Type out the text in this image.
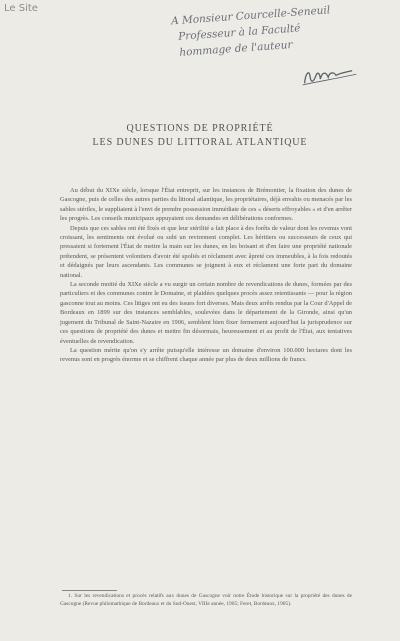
Le Site	A Monsieur Courcelle-Seneuil
Professeur à la Faculté
hommage de l'auteur
QUESTIONS DE PROPRIÉTÉ
LES DUNES DU LITTORAL ATLANTIQUE

Au début du XIXe siècle, lorsque l'État entreprit, sur les instances de Brémontier, la fixation des dunes de Gascogne, puis de celles des autres parties du littoral atlantique, les propriétaires, déjà envahis ou menacés par les sables stériles, le suppliaient à l'envi de prendre possession immédiate de ces « déserts effroyables » et d'en arrêter les progrès. Les conseils municipaux appuyaient ces demandes en délibérations conformes.

Depuis que ces sables ont été fixés et que leur stérilité a fait place à des forêts de valeur dont les revenus vont croissant, les sentiments ont évolué ou subi un revirement complet. Les héritiers ou successeurs de ceux qui pressaient si fortement l'État de mettre la main sur les dunes, en les boisant et d'en faire une propriété nationale prétendent, se présentent volontiers d'avoir été spoliés et réclament avec âpreté ces immeubles, à la fois redoutés et dédaignés par leurs ascendants. Les communes se joignent à eux et réclament une forte part du domaine national.

La seconde moitié du XIXe siècle a vu surgir un certain nombre de revendications de dunes, formées par des particuliers et des communes contre le Domaine, et plaidées quelques procès assez retentissants — pour la région gasconne tout au moins. Ces litiges ont eu des issues fort diverses. Mais deux arrêts rendus par la Cour d'Appel de Bordeaux en 1899 sur des instances semblables, soulevées dans le département de la Gironde, ainsi qu'un jugement du Tribunal de Saint-Nazaire en 1906, semblent bien fixer fermement aujourd'hui la jurisprudence sur ces questions de propriété des dunes et mettre fin désormais, heureusement et au profit de l'État, aux tentatives éventuelles de revendication.

La question mérite qu'on s'y arrête puisqu'elle intéresse un domaine d'environ 100.000 hectares dont les revenus sont en progrès énorme et se chiffrent chaque année par plus de deux millions de francs.

1. Sur les revendications et procès relatifs aux dunes de Gascogne voir notre Étude historique sur la propriété des dunes de Gascogne (Revue philomathique de Bordeaux et du Sud-Ouest, VIIIe année, 1905; Feret, Bordeaux, 1905).
